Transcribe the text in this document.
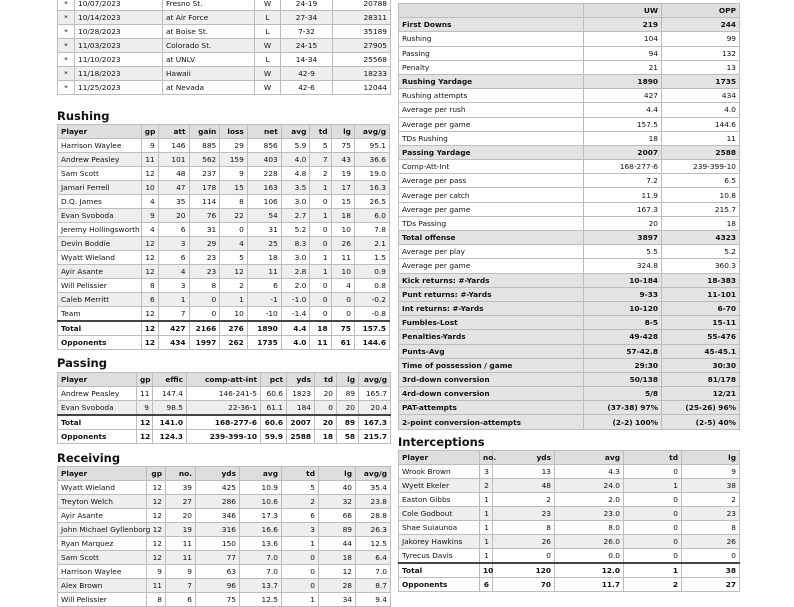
*	10/07/2023	Fresno St.	W	24-19	20788
*	10/14/2023	at Air Force	L	27-34	28311
*	10/28/2023	at Boise St.	L	7-32	35189
*	11/03/2023	Colorado St.	W	24-15	27905
*	11/10/2023	at UNLV	L	14-34	25568
*	11/18/2023	Hawaii	W	42-9	18233
*	11/25/2023	at Nevada	W	42-6	12044
Rushing
Player	gp	att	gain	loss	net	avg	td	lg	avg/g
Harrison Waylee	9	146	885	29	856	5.9	5	75	95.1
Andrew Peasley	11	101	562	159	403	4.0	7	43	36.6
Sam Scott	12	48	237	9	228	4.8	2	19	19.0
Jamari Ferrell	10	47	178	15	163	3.5	1	17	16.3
D.Q. James	4	35	114	8	106	3.0	0	15	26.5
Evan Svoboda	9	20	76	22	54	2.7	1	18	6.0
Jeremy Hollingsworth	4	6	31	0	31	5.2	0	10	7.8
Devin Boddie	12	3	29	4	25	8.3	0	26	2.1
Wyatt Wieland	12	6	23	5	18	3.0	1	11	1.5
Ayir Asante	12	4	23	12	11	2.8	1	10	0.9
Will Pelissier	8	3	8	2	6	2.0	0	4	0.8
Caleb Merritt	6	1	0	1	-1	-1.0	0	0	-0.2
Team	12	7	0	10	-10	-1.4	0	0	-0.8
Total	12	427	2166	276	1890	4.4	18	75	157.5
Opponents	12	434	1997	262	1735	4.0	11	61	144.6
Passing
Player	gp	effic	comp-att-int	pct	yds	td	lg	avg/g
Andrew Peasley	11	147.4	146-241-5	60.6	1823	20	89	165.7
Evan Svoboda	9	98.5	22-36-1	61.1	184	0	20	20.4
Total	12	141.0	168-277-6	60.6	2007	20	89	167.3
Opponents	12	124.3	239-399-10	59.9	2588	18	58	215.7
Receiving
Player	gp	no.	yds	avg	td	lg	avg/g
Wyatt Wieland	12	39	425	10.9	5	40	35.4
Treyton Welch	12	27	286	10.6	2	32	23.8
Ayir Asante	12	20	346	17.3	6	66	28.8
John Michael Gyllenborg	12	19	316	16.6	3	89	26.3
Ryan Marquez	12	11	150	13.6	1	44	12.5
Sam Scott	12	11	77	7.0	0	18	6.4
Harrison Waylee	9	9	63	7.0	0	12	7.0
Alex Brown	11	7	96	13.7	0	28	8.7
Will Pelissier	8	6	75	12.5	1	34	9.4
	UW	OPP
First Downs	219	244
Rushing	104	99
Passing	94	132
Penalty	21	13
Rushing Yardage	1890	1735
Rushing attempts	427	434
Average per rush	4.4	4.0
Average per game	157.5	144.6
TDs Rushing	18	11
Passing Yardage	2007	2588
Comp-Att-Int	168-277-6	239-399-10
Average per pass	7.2	6.5
Average per catch	11.9	10.8
Average per game	167.3	215.7
TDs Passing	20	18
Total offense	3897	4323
Average per play	5.5	5.2
Average per game	324.8	360.3
Kick returns: #-Yards	10-184	18-383
Punt returns: #-Yards	9-33	11-101
Int returns: #-Yards	10-120	6-70
Fumbles-Lost	8-5	15-11
Penalties-Yards	49-428	55-476
Punts-Avg	57-42.8	45-45.1
Time of possession / game	29:30	30:30
3rd-down conversion	50/138	81/178
4rd-down conversion	5/8	12/21
PAT-attempts	(37-38) 97%	(25-26) 96%
2-point conversion-attempts	(2-2) 100%	(2-5) 40%
Interceptions
Player	no.	yds	avg	td	lg
Wrook Brown	3	13	4.3	0	9
Wyett Ekeler	2	48	24.0	1	38
Easton Gibbs	1	2	2.0	0	2
Cole Godbout	1	23	23.0	0	23
Shae Suiaunoa	1	8	8.0	0	8
Jakorey Hawkins	1	26	26.0	0	26
Tyrecus Davis	1	0	0.0	0	0
Total	10	120	12.0	1	38
Opponents	6	70	11.7	2	27
